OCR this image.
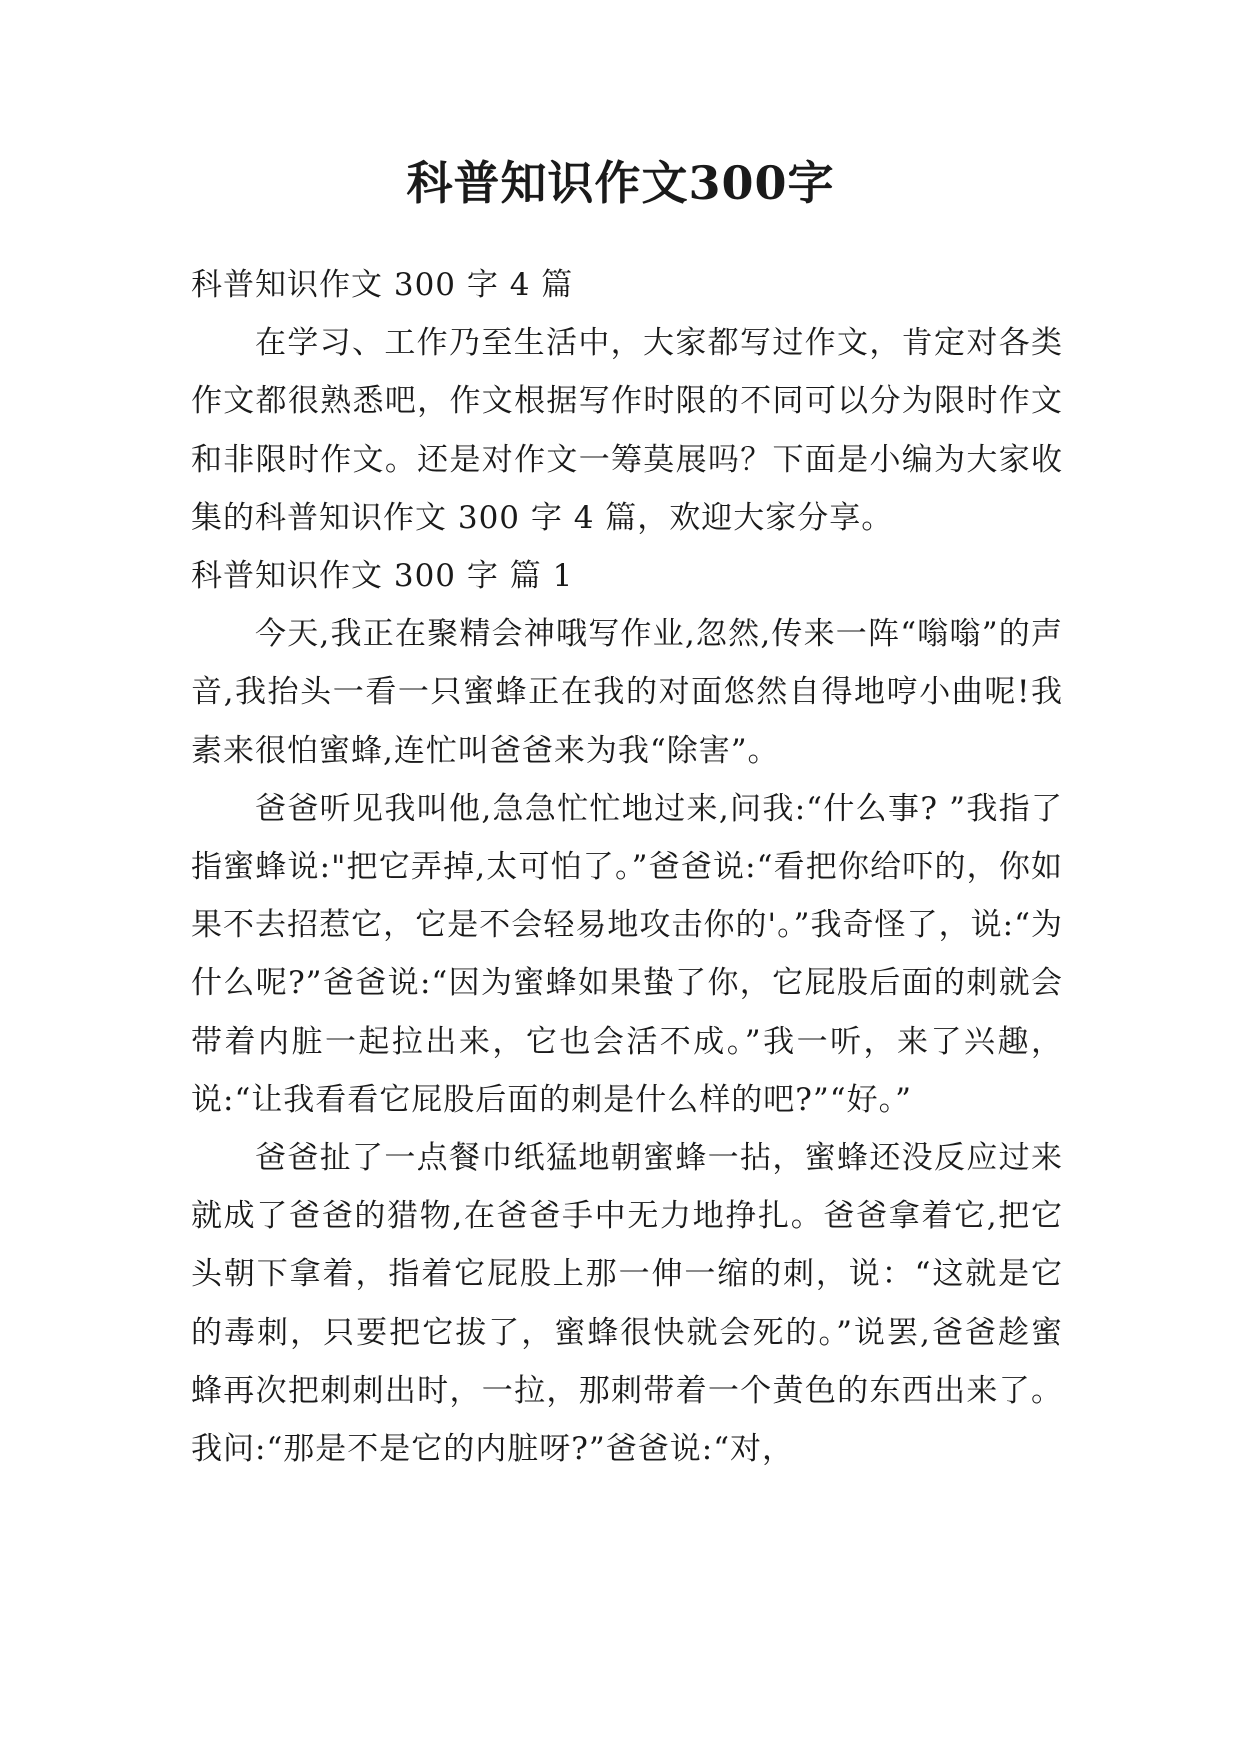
科普知识作文300字

科普知识作文 300 字 4 篇

在学习、工作乃至生活中，大家都写过作文，肯定对各类作文都很熟悉吧，作文根据写作时限的不同可以分为限时作文和非限时作文。还是对作文一筹莫展吗？下面是小编为大家收集的科普知识作文 300 字 4 篇，欢迎大家分享。

科普知识作文 300 字 篇 1

今天,我正在聚精会神哦写作业,忽然,传来一阵“嗡嗡”的声音,我抬头一看一只蜜蜂正在我的对面悠然自得地哼小曲呢!我素来很怕蜜蜂,连忙叫爸爸来为我“除害”。

爸爸听见我叫他,急急忙忙地过来,问我:“什么事? ”我指了指蜜蜂说:"把它弄掉,太可怕了。”爸爸说:“看把你给吓的，你如果不去招惹它，它是不会轻易地攻击你的'。”我奇怪了，说:“为什么呢?”爸爸说:“因为蜜蜂如果蛰了你，它屁股后面的刺就会带着内脏一起拉出来，它也会活不成。”我一听，来了兴趣，说:“让我看看它屁股后面的刺是什么样的吧?”“好。”

爸爸扯了一点餐巾纸猛地朝蜜蜂一拈，蜜蜂还没反应过来就成了爸爸的猎物,在爸爸手中无力地挣扎。爸爸拿着它,把它头朝下拿着，指着它屁股上那一伸一缩的刺，说：“这就是它的毒刺，只要把它拔了，蜜蜂很快就会死的。”说罢,爸爸趁蜜蜂再次把刺刺出时，一拉，那刺带着一个黄色的东西出来了。我问:“那是不是它的内脏呀?”爸爸说:“对，
